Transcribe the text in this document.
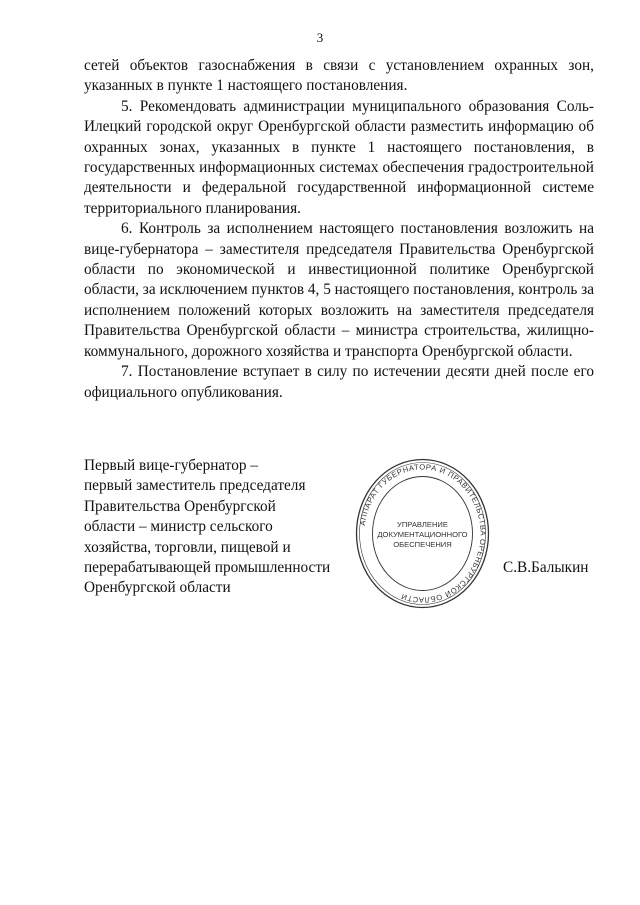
3

сетей объектов газоснабжения в связи с установлением охранных зон, указанных в пункте 1 настоящего постановления.

5. Рекомендовать администрации муниципального образования Соль-Илецкий городской округ Оренбургской области разместить информацию об охранных зонах, указанных в пункте 1 настоящего постановления, в государственных информационных системах обеспечения градостроительной деятельности и федеральной государственной информационной системе территориального планирования.

6. Контроль за исполнением настоящего постановления возложить на вице-губернатора – заместителя председателя Правительства Оренбургской области по экономической и инвестиционной политике Оренбургской области, за исключением пунктов 4, 5 настоящего постановления, контроль за исполнением положений которых возложить на заместителя председателя Правительства Оренбургской области – министра строительства, жилищно-коммунального, дорожного хозяйства и транспорта Оренбургской области.

7. Постановление вступает в силу по истечении десяти дней после его официального опубликования.

Первый вице-губернатор –
первый заместитель председателя
Правительства Оренбургской
области – министр сельского
хозяйства, торговли, пищевой и
перерабатывающей промышленности
Оренбургской области
АППАРАТ ГУБЕРНАТОРА И ПРАВИТЕЛЬСТВА ОРЕНБУРГСКОЙ ОБЛАСТИ
УПРАВЛЕНИЕ
ДОКУМЕНТАЦИОННОГО
ОБЕСПЕЧЕНИЯ
С.В.Балыкин
